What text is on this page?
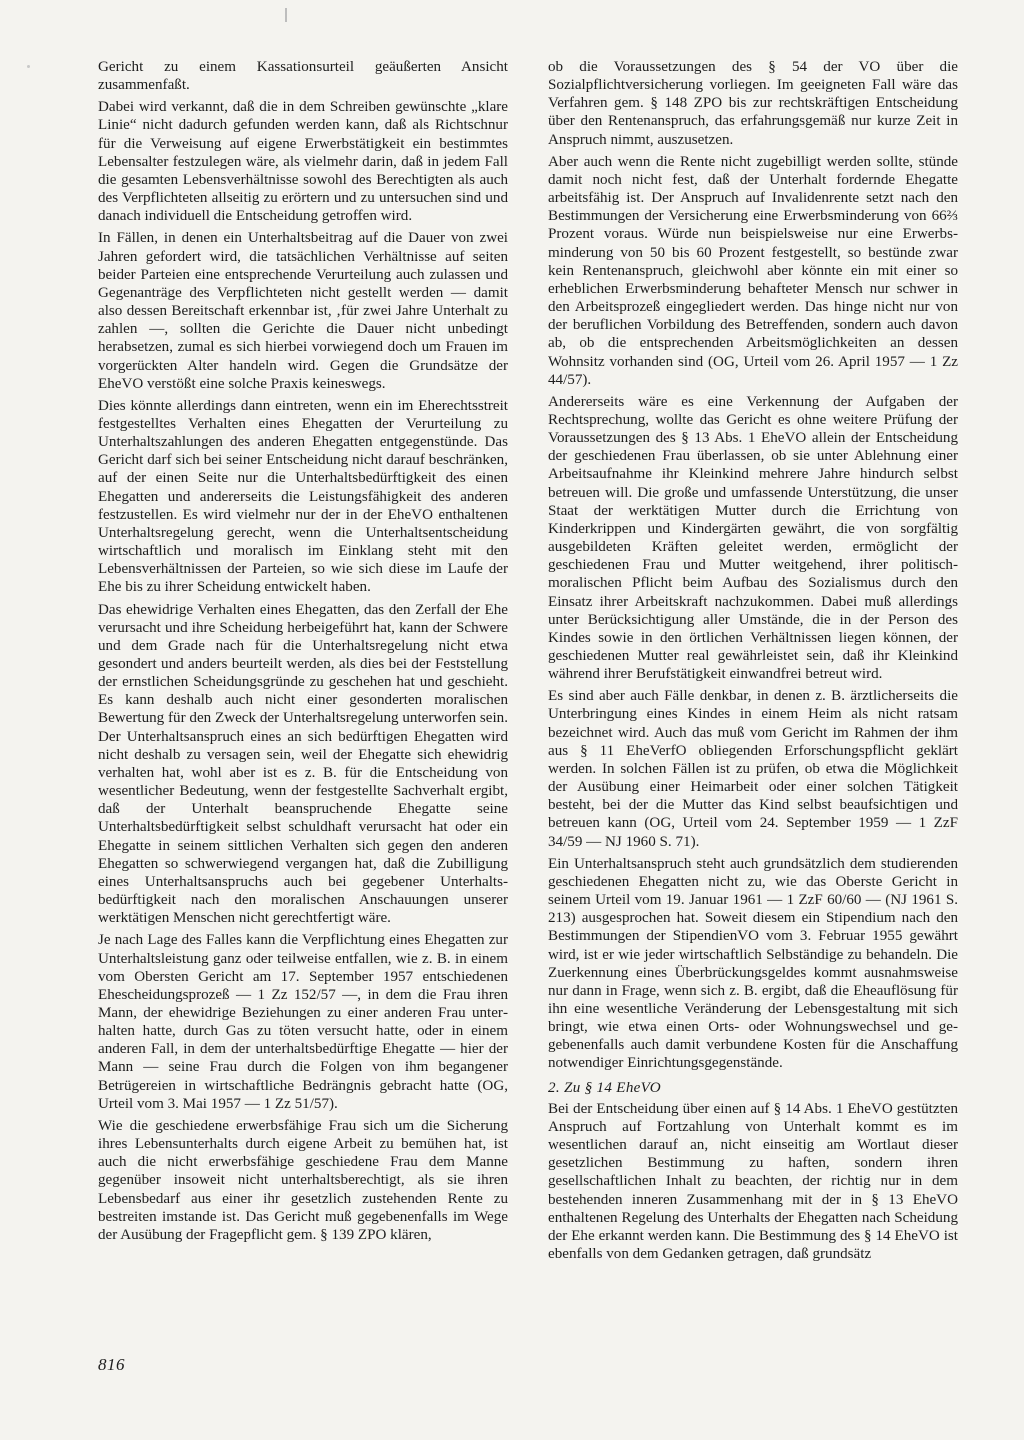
Gericht zu einem Kassationsurteil geäußerten Ansicht zusammenfaßt.

Dabei wird verkannt, daß die in dem Schreiben gewünschte „klare Linie“ nicht dadurch gefunden werden kann, daß als Richtschnur für die Verweisung auf eigene Erwerbstätigkeit ein bestimmtes Lebensalter festzulegen wäre, als vielmehr darin, daß in jedem Fall die gesamten Lebensverhältnisse sowohl des Berechtigten als auch des Verpflichteten allseitig zu erörtern und zu untersuchen sind und danach individuell die Entscheidung getroffen wird.

In Fällen, in denen ein Unterhaltsbeitrag auf die Dauer von zwei Jahren gefordert wird, die tatsächlichen Verhältnisse auf seiten beider Parteien eine entsprechende Verurteilung auch zulassen und Gegenanträge des Verpflichteten nicht gestellt werden — damit also dessen Bereitschaft erkennbar ist, ‚für zwei Jahre Unterhalt zu zahlen —, sollten die Gerichte die Dauer nicht unbedingt herabsetzen, zumal es sich hierbei vorwiegend doch um Frauen im vorgerückten Alter handeln wird. Gegen die Grundsätze der EheVO verstößt eine solche Praxis keineswegs.

Dies könnte allerdings dann eintreten, wenn ein im Eherechtsstreit festgestelltes Verhalten eines Ehegatten der Verurteilung zu Unterhaltszahlungen des anderen Ehegatten entgegenstünde. Das Gericht darf sich bei seiner Entscheidung nicht darauf beschränken, auf der einen Seite nur die Unterhaltsbedürftigkeit des einen Ehegatten und andererseits die Leistungsfähigkeit des anderen festzustellen. Es wird vielmehr nur der in der EheVO enthaltenen Unterhaltsregelung gerecht, wenn die Unterhaltsentscheidung wirtschaftlich und moralisch im Einklang steht mit den Lebensverhältnissen der Parteien, so wie sich diese im Laufe der Ehe bis zu ihrer Scheidung entwickelt haben.

Das ehewidrige Verhalten eines Ehegatten, das den Zerfall der Ehe verursacht und ihre Scheidung herbeigeführt hat, kann der Schwere und dem Grade nach für die Unterhaltsregelung nicht etwa gesondert und anders beurteilt werden, als dies bei der Feststellung der ernstlichen Scheidungsgründe zu geschehen hat und geschieht. Es kann deshalb auch nicht einer gesonderten moralischen Bewertung für den Zweck der Unterhaltsregelung unterworfen sein. Der Unterhaltsanspruch eines an sich bedürftigen Ehegatten wird nicht deshalb zu versagen sein, weil der Ehegatte sich ehewidrig verhalten hat, wohl aber ist es z. B. für die Entscheidung von wesentlicher Bedeutung, wenn der festgestellte Sachverhalt ergibt, daß der Unterhalt beanspruchende Ehegatte seine Unterhaltsbedürftigkeit selbst schuldhaft verursacht hat oder ein Ehegatte in seinem sittlichen Verhalten sich gegen den anderen Ehegatten so schwerwiegend vergangen hat, daß die Zubilligung eines Unterhaltsanspruchs auch bei gegebener Unterhaltsbedürftigkeit nach den moralischen Anschauungen unserer werktätigen Menschen nicht gerechtfertigt wäre.

Je nach Lage des Falles kann die Verpflichtung eines Ehegatten zur Unterhaltsleistung ganz oder teilweise entfallen, wie z. B. in einem vom Obersten Gericht am 17. September 1957 entschiedenen Ehescheidungsprozeß — 1 Zz 152/57 —, in dem die Frau ihren Mann, der ehewidrige Beziehungen zu einer anderen Frau unterhalten hatte, durch Gas zu töten versucht hatte, oder in einem anderen Fall, in dem der unterhaltsbedürftige Ehegatte — hier der Mann — seine Frau durch die Folgen von ihm begangener Betrügereien in wirtschaftliche Bedrängnis gebracht hatte (OG, Urteil vom 3. Mai 1957 — 1 Zz 51/57).

Wie die geschiedene erwerbsfähige Frau sich um die Sicherung ihres Lebensunterhalts durch eigene Arbeit zu bemühen hat, ist auch die nicht erwerbsfähige geschiedene Frau dem Manne gegenüber insoweit nicht unterhaltsberechtigt, als sie ihren Lebensbedarf aus einer ihr gesetzlich zustehenden Rente zu bestreiten imstande ist. Das Gericht muß gegebenenfalls im Wege der Ausübung der Fragepflicht gem. § 139 ZPO klären,

ob die Voraussetzungen des § 54 der VO über die Sozialpflichtversicherung vorliegen. Im geeigneten Fall wäre das Verfahren gem. § 148 ZPO bis zur rechtskräftigen Entscheidung über den Rentenanspruch, das erfahrungsgemäß nur kurze Zeit in Anspruch nimmt, auszusetzen.

Aber auch wenn die Rente nicht zugebilligt werden sollte, stünde damit noch nicht fest, daß der Unterhalt fordernde Ehegatte arbeitsfähig ist. Der Anspruch auf Invalidenrente setzt nach den Bestimmungen der Versicherung eine Erwerbsminderung von 66⅔ Prozent voraus. Würde nun beispielsweise nur eine Erwerbsminderung von 50 bis 60 Prozent festgestellt, so bestünde zwar kein Rentenanspruch, gleichwohl aber könnte ein mit einer so erheblichen Erwerbsminderung behafteter Mensch nur schwer in den Arbeitsprozeß eingegliedert werden. Das hinge nicht nur von der beruflichen Vorbildung des Betreffenden, sondern auch davon ab, ob die entsprechenden Arbeitsmöglichkeiten an dessen Wohnsitz vorhanden sind (OG, Urteil vom 26. April 1957 — 1 Zz 44/57).

Andererseits wäre es eine Verkennung der Aufgaben der Rechtsprechung, wollte das Gericht es ohne weitere Prüfung der Voraussetzungen des § 13 Abs. 1 EheVO allein der Entscheidung der geschiedenen Frau überlassen, ob sie unter Ablehnung einer Arbeitsaufnahme ihr Kleinkind mehrere Jahre hindurch selbst betreuen will. Die große und umfassende Unterstützung, die unser Staat der werktätigen Mutter durch die Errichtung von Kinderkrippen und Kindergärten gewährt, die von sorgfältig ausgebildeten Kräften geleitet werden, ermöglicht der geschiedenen Frau und Mutter weitgehend, ihrer politisch-moralischen Pflicht beim Aufbau des Sozialismus durch den Einsatz ihrer Arbeitskraft nachzukommen. Dabei muß allerdings unter Berücksichtigung aller Umstände, die in der Person des Kindes sowie in den örtlichen Verhältnissen liegen können, der geschiedenen Mutter real gewährleistet sein, daß ihr Kleinkind während ihrer Berufstätigkeit einwandfrei betreut wird.

Es sind aber auch Fälle denkbar, in denen z. B. ärztlicherseits die Unterbringung eines Kindes in einem Heim als nicht ratsam bezeichnet wird. Auch das muß vom Gericht im Rahmen der ihm aus § 11 EheVerfO obliegenden Erforschungspflicht geklärt werden. In solchen Fällen ist zu prüfen, ob etwa die Möglichkeit der Ausübung einer Heimarbeit oder einer solchen Tätigkeit besteht, bei der die Mutter das Kind selbst beaufsichtigen und betreuen kann (OG, Urteil vom 24. September 1959 — 1 ZzF 34/59 — NJ 1960 S. 71).

Ein Unterhaltsanspruch steht auch grundsätzlich dem studierenden geschiedenen Ehegatten nicht zu, wie das Oberste Gericht in seinem Urteil vom 19. Januar 1961 — 1 ZzF 60/60 — (NJ 1961 S. 213) ausgesprochen hat. Soweit diesem ein Stipendium nach den Bestimmungen der StipendienVO vom 3. Februar 1955 gewährt wird, ist er wie jeder wirtschaftlich Selbständige zu behandeln. Die Zuerkennung eines Überbrückungsgeldes kommt ausnahmsweise nur dann in Frage, wenn sich z. B. ergibt, daß die Eheauflösung für ihn eine wesentliche Veränderung der Lebensgestaltung mit sich bringt, wie etwa einen Orts- oder Wohnungswechsel und gegebenenfalls auch damit verbundene Kosten für die Anschaffung notwendiger Einrichtungsgegenstände.

2. Zu § 14 EheVO

Bei der Entscheidung über einen auf § 14 Abs. 1 EheVO gestützten Anspruch auf Fortzahlung von Unterhalt kommt es im wesentlichen darauf an, nicht einseitig am Wortlaut dieser gesetzlichen Bestimmung zu haften, sondern ihren gesellschaftlichen Inhalt zu beachten, der richtig nur in dem bestehenden inneren Zusammenhang mit der in § 13 EheVO enthaltenen Regelung des Unterhalts der Ehegatten nach Scheidung der Ehe erkannt werden kann. Die Bestimmung des § 14 EheVO ist ebenfalls von dem Gedanken getragen, daß grundsätz

816
